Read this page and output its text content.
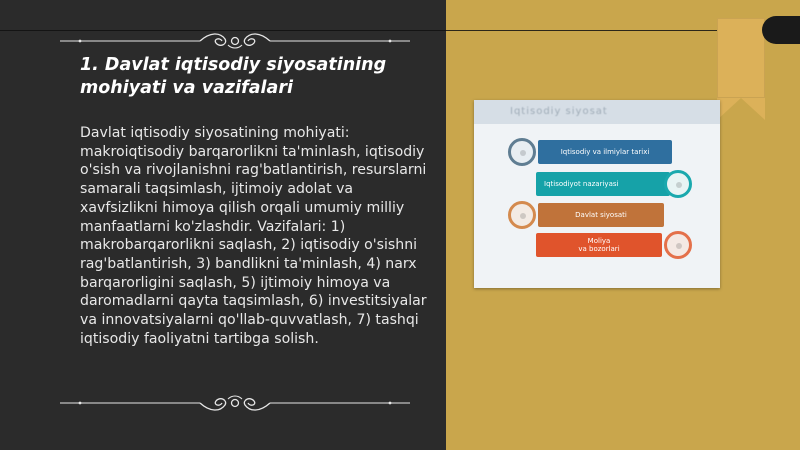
1. Davlat iqtisodiy siyosatining mohiyati va vazifalari
Davlat iqtisodiy siyosatining mohiyati: makroiqtisodiy barqarorlikni ta'minlash, iqtisodiy o'sish va rivojlanishni rag'batlantirish, resurslarni samarali taqsimlash, ijtimoiy adolat va xavfsizlikni himoya qilish orqali umumiy milliy manfaatlarni ko'zlashdir. Vazifalari: 1) makrobarqarorlikni saqlash, 2) iqtisodiy o'sishni rag'batlantirish, 3) bandlikni ta'minlash, 4) narx barqarorligini saqlash, 5) ijtimoiy himoya va daromadlarni qayta taqsimlash, 6) investitsiyalar va innovatsiyalarni qo'llab-quvvatlash, 7) tashqi iqtisodiy faoliyatni tartibga solish.
Iqtisodiy siyosat
Iqtisodiy va ilmiylar tarixi
Iqtisodiyot nazariyasi
Davlat siyosati
Moliya
va bozorlari
